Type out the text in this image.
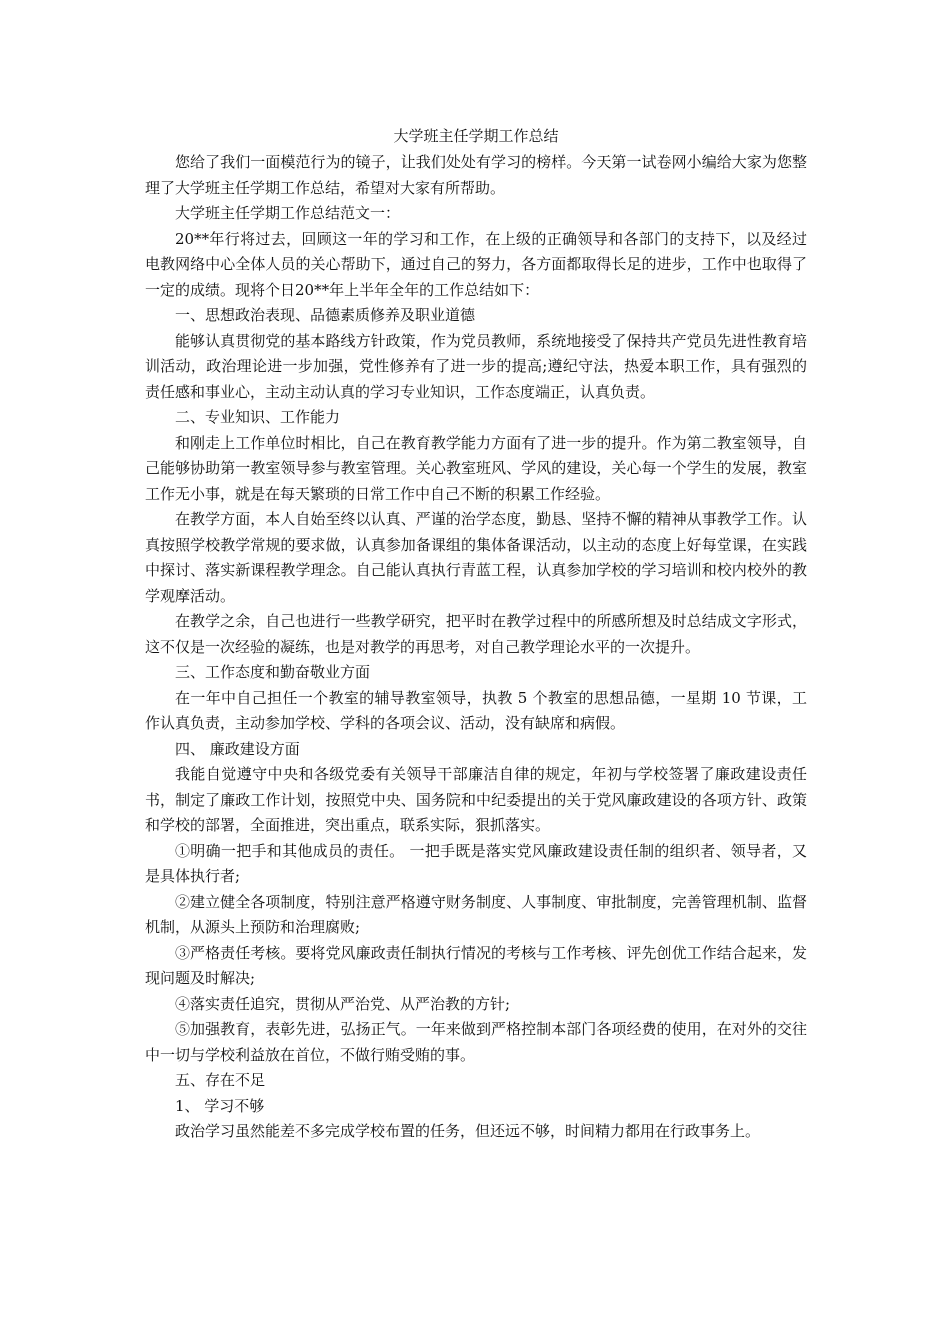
大学班主任学期工作总结

您给了我们一面模范行为的镜子，让我们处处有学习的榜样。今天第一试卷网小编给大家为您整理了大学班主任学期工作总结，希望对大家有所帮助。

大学班主任学期工作总结范文一：

20**年行将过去，回顾这一年的学习和工作，在上级的正确领导和各部门的支持下，以及经过电教网络中心全体人员的关心帮助下，通过自己的努力，各方面都取得长足的进步，工作中也取得了一定的成绩。现将个日20**年上半年全年的工作总结如下：

一、思想政治表现、品德素质修养及职业道德

能够认真贯彻党的基本路线方针政策，作为党员教师，系统地接受了保持共产党员先进性教育培训活动，政治理论进一步加强，党性修养有了进一步的提高;遵纪守法，热爱本职工作，具有强烈的责任感和事业心，主动主动认真的学习专业知识，工作态度端正，认真负责。

二、专业知识、工作能力

和刚走上工作单位时相比，自己在教育教学能力方面有了进一步的提升。作为第二教室领导，自己能够协助第一教室领导参与教室管理。关心教室班风、学风的建设，关心每一个学生的发展，教室工作无小事，就是在每天繁琐的日常工作中自己不断的积累工作经验。

在教学方面，本人自始至终以认真、严谨的治学态度，勤恳、坚持不懈的精神从事教学工作。认真按照学校教学常规的要求做，认真参加备课组的集体备课活动，以主动的态度上好每堂课，在实践中探讨、落实新课程教学理念。自己能认真执行青蓝工程，认真参加学校的学习培训和校内校外的教学观摩活动。

在教学之余，自己也进行一些教学研究，把平时在教学过程中的所感所想及时总结成文字形式，这不仅是一次经验的凝练，也是对教学的再思考，对自己教学理论水平的一次提升。

三、工作态度和勤奋敬业方面

在一年中自己担任一个教室的辅导教室领导，执教 5 个教室的思想品德，一星期 10 节课，工作认真负责，主动参加学校、学科的各项会议、活动，没有缺席和病假。

四、 廉政建设方面

我能自觉遵守中央和各级党委有关领导干部廉洁自律的规定，年初与学校签署了廉政建设责任书，制定了廉政工作计划，按照党中央、国务院和中纪委提出的关于党风廉政建设的各项方针、政策和学校的部署，全面推进，突出重点，联系实际，狠抓落实。

①明确一把手和其他成员的责任。 一把手既是落实党风廉政建设责任制的组织者、领导者，又是具体执行者;

②建立健全各项制度，特别注意严格遵守财务制度、人事制度、审批制度，完善管理机制、监督机制，从源头上预防和治理腐败;

③严格责任考核。要将党风廉政责任制执行情况的考核与工作考核、评先创优工作结合起来，发现问题及时解决;

④落实责任追究，贯彻从严治党、从严治教的方针;

⑤加强教育，表彰先进，弘扬正气。一年来做到严格控制本部门各项经费的使用，在对外的交往中一切与学校利益放在首位，不做行贿受贿的事。

五、存在不足

1、 学习不够

政治学习虽然能差不多完成学校布置的任务，但还远不够，时间精力都用在行政事务上。
